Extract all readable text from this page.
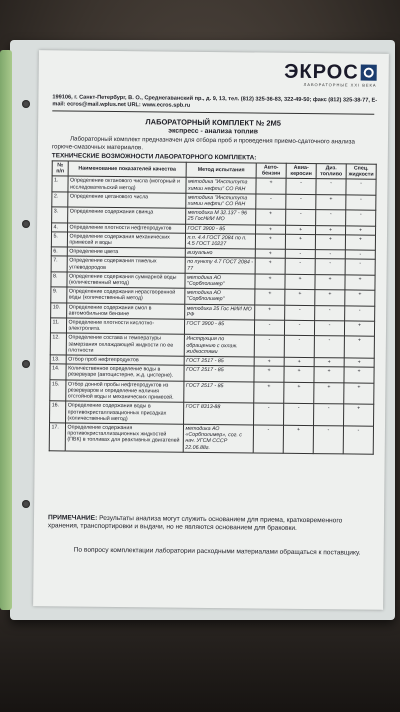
ЭКРОС
ЛАБОРАТОРНЫЕ ХХI ВЕКА
199106, г. Санкт-Петербург, В. О., Среднегаванский пр., д. 9, 13, тел. (812) 325-36-83, 322-49-50; факс (812) 325-38-77, E-mail: ecros@mail.wplus.net URL: www.ecros.spb.ru
ЛАБОРАТОРНЫЙ КОМПЛЕКТ № 2М5
экспресс - анализа топлив
Лабораторный комплект предназначен для отбора проб и проведения приемо-сдаточного анализа горюче-смазочных материалов.
ТЕХНИЧЕСКИЕ ВОЗМОЖНОСТИ ЛАБОРАТОРНОГО КОМПЛЕКТА:
№ п/п	Наименование показателей качества	Метод испытания	Авто-бензин	Авиа-керосин	Диз. топливо	Спец. жидкости
1.	Определение октанового числа (моторный и исследовательский метод)	методика "Института химии нефти" СО РАН	+	-	-	-
2.	Определение цетанового числа	методика "Института химии нефти" СО РАН	-	-	+	-
3.	Определение содержания свинца	методика М 32.137 - 96 25 ГосНИИ МО	+	-	-	-
4.	Определение плотности нефтепродуктов	ГОСТ 3900 - 85	+	+	+	+
5.	Определение содержания механических примесей и воды	п.п. 4.4 ГОСТ 2084 по п. 4.5 ГОСТ 10227	+	+	+	+
6.	Определение цвета	визуально	+	-	-	-
7.	Определение содержания тяжелых углеводородов	по пункту 4.7 ГОСТ 2084 - 77	+	-	-	-
8.	Определение содержания суммарной воды (количественный метод)	методика АО "Сорбполимер"	+	+	+	+
9.	Определение содержания нерастворенной воды (количественный метод)	методика АО "Сорбполимер"	+	+	+	+
10.	Определение содержания смол в автомобильном бензине	методика 25 Гос НИИ МО РФ	+	-	-	-
11.	Определение плотности кислотно-электролита.	ГОСТ 3900 - 85	-	-	-	+
12.	Определение состава и температуры замерзания охлаждающей жидкости по ее плотности	Инструкция по обращению с охлаж. жидкостями	-	-	-	+
13.	Отбор проб нефтепродуктов	ГОСТ 2517 - 85	+	+	+	+
14.	Количественное определение воды в резервуаре (автоцистерне, ж.д. цистерне).	ГОСТ 2517 - 85	+	+	+	+
15.	Отбор донной пробы нефтепродуктов из резервуаров и определение наличия отстойной воды и механических примесей.	ГОСТ 2517 - 85	+	+	+	+
16.	Определение содержания воды в противокристаллизационных присадках (количественный метод)	ГОСТ 8313-88	-	-	-	+
17.	Определение содержания противокристаллизационных жидкостей (ПВК) в топливах для реактивных двигателей	методика АО «Сорбполимер», сог. с нач. УГСМ СССР 22.06.88г.	-	+	-	-
ПРИМЕЧАНИЕ: Результаты анализа могут служить основанием для приема, кратковременного хранения, транспортировки и выдачи, но не являются основанием для браковки.
По вопросу комплектации лаборатории расходными материалами обращаться к поставщику.
